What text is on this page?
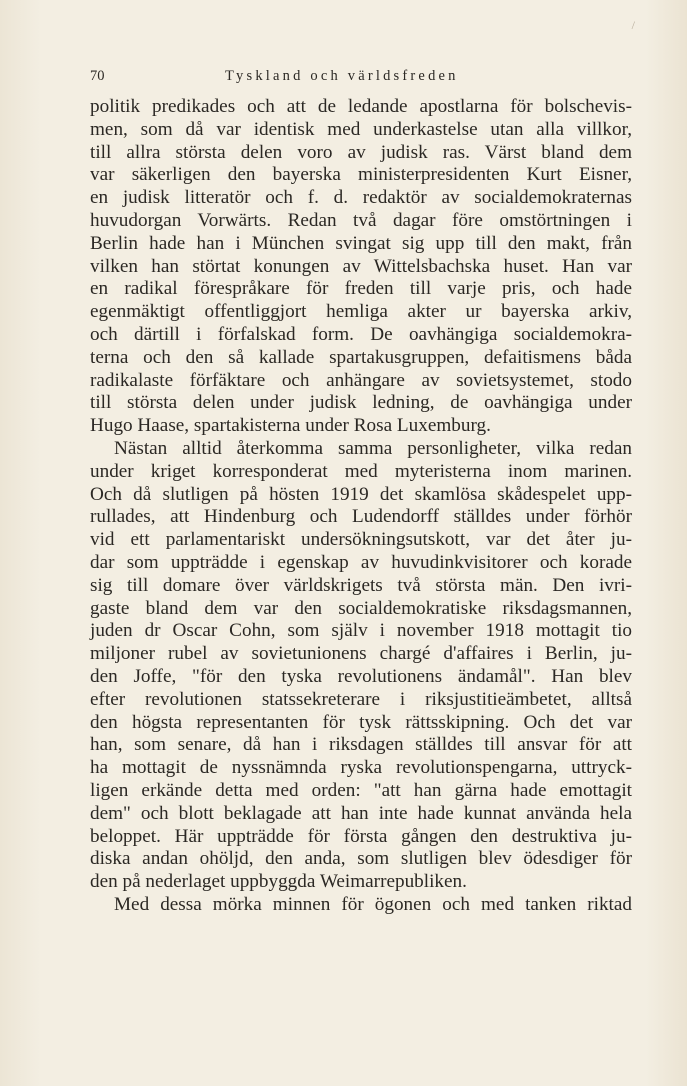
70	Tyskland och världsfreden
/
politik predikades och att de ledande apostlarna för bolschevis-
men, som då var identisk med underkastelse utan alla villkor,
till allra största delen voro av judisk ras. Värst bland dem
var säkerligen den bayerska ministerpresidenten Kurt Eisner,
en judisk litteratör och f. d. redaktör av socialdemokraternas
huvudorgan Vorwärts. Redan två dagar före omstörtningen i
Berlin hade han i München svingat sig upp till den makt, från
vilken han störtat konungen av Wittelsbachska huset. Han var
en radikal förespråkare för freden till varje pris, och hade
egenmäktigt offentliggjort hemliga akter ur bayerska arkiv,
och därtill i förfalskad form. De oavhängiga socialdemokra-
terna och den så kallade spartakusgruppen, defaitismens båda
radikalaste förfäktare och anhängare av sovietsystemet, stodo
till största delen under judisk ledning, de oavhängiga under
Hugo Haase, spartakisterna under Rosa Luxemburg.
Nästan alltid återkomma samma personligheter, vilka redan
under kriget korresponderat med myteristerna inom marinen.
Och då slutligen på hösten 1919 det skamlösa skådespelet upp-
rullades, att Hindenburg och Ludendorff ställdes under förhör
vid ett parlamentariskt undersökningsutskott, var det åter ju-
dar som uppträdde i egenskap av huvudinkvisitorer och korade
sig till domare över världskrigets två största män. Den ivri-
gaste bland dem var den socialdemokratiske riksdagsmannen,
juden dr Oscar Cohn, som själv i november 1918 mottagit tio
miljoner rubel av sovietunionens chargé d'affaires i Berlin, ju-
den Joffe, "för den tyska revolutionens ändamål". Han blev
efter revolutionen statssekreterare i riksjustitieämbetet, alltså
den högsta representanten för tysk rättsskipning. Och det var
han, som senare, då han i riksdagen ställdes till ansvar för att
ha mottagit de nyssnämnda ryska revolutionspengarna, uttryck-
ligen erkände detta med orden: "att han gärna hade emottagit
dem" och blott beklagade att han inte hade kunnat använda hela
beloppet. Här uppträdde för första gången den destruktiva ju-
diska andan ohöljd, den anda, som slutligen blev ödesdiger för
den på nederlaget uppbyggda Weimarrepubliken.
Med dessa mörka minnen för ögonen och med tanken riktad
